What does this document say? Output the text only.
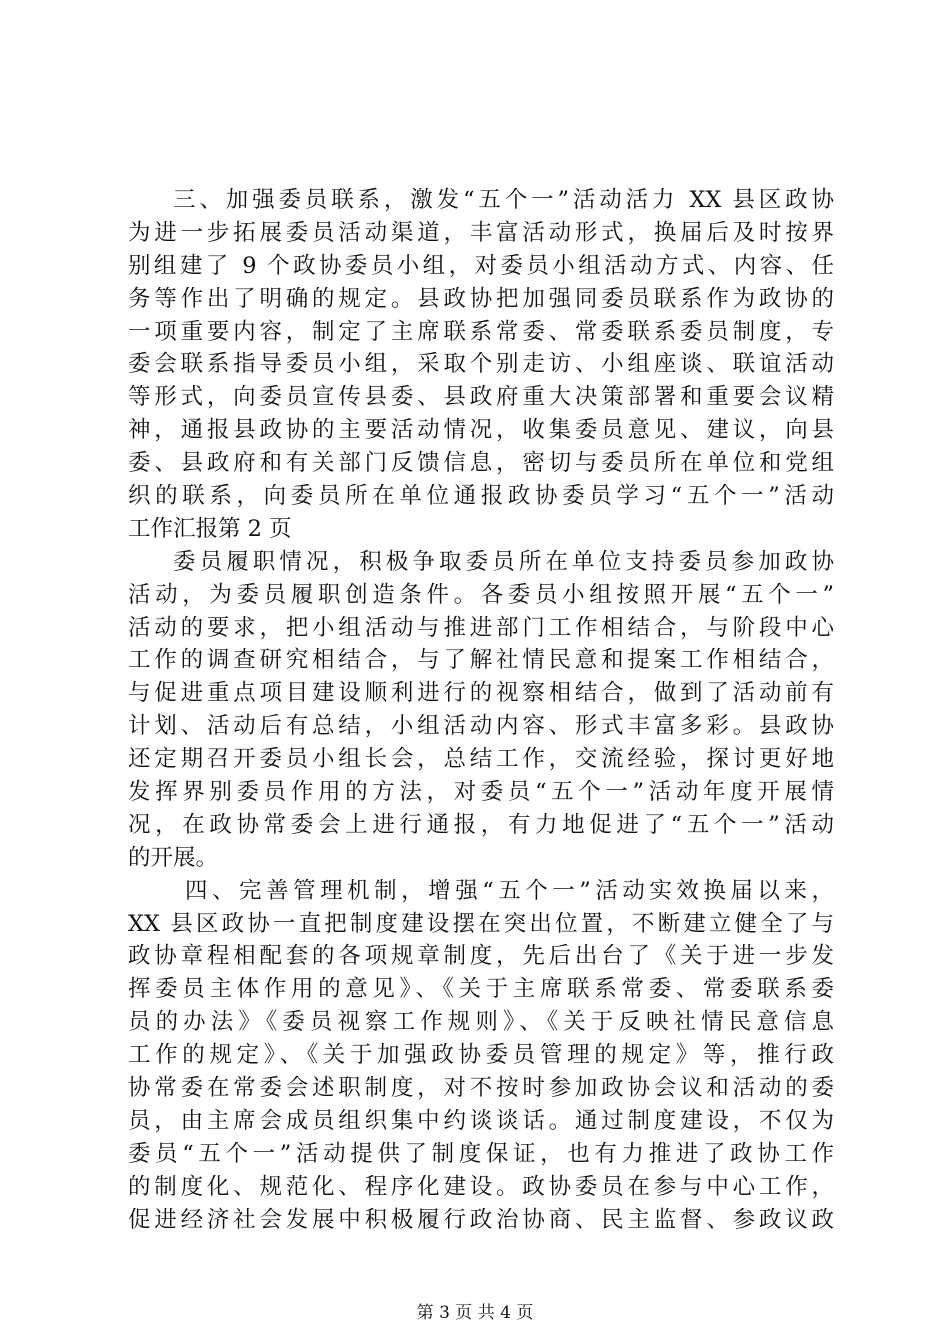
三、加强委员联系，激发“五个一”活动活力 XX 县区政协
为进一步拓展委员活动渠道，丰富活动形式，换届后及时按界
别组建了 9 个政协委员小组，对委员小组活动方式、内容、任
务等作出了明确的规定。县政协把加强同委员联系作为政协的
一项重要内容，制定了主席联系常委、常委联系委员制度，专
委会联系指导委员小组，采取个别走访、小组座谈、联谊活动
等形式，向委员宣传县委、县政府重大决策部署和重要会议精
神，通报县政协的主要活动情况，收集委员意见、建议，向县
委、县政府和有关部门反馈信息，密切与委员所在单位和党组
织的联系，向委员所在单位通报政协委员学习“五个一”活动
工作汇报第 2 页
委员履职情况，积极争取委员所在单位支持委员参加政协
活动，为委员履职创造条件。各委员小组按照开展“五个一”
活动的要求，把小组活动与推进部门工作相结合，与阶段中心
工作的调查研究相结合，与了解社情民意和提案工作相结合，
与促进重点项目建设顺利进行的视察相结合，做到了活动前有
计划、活动后有总结，小组活动内容、形式丰富多彩。县政协
还定期召开委员小组长会，总结工作，交流经验，探讨更好地
发挥界别委员作用的方法，对委员“五个一”活动年度开展情
况，在政协常委会上进行通报，有力地促进了“五个一”活动
的开展。
四、完善管理机制，增强“五个一”活动实效换届以来，
XX 县区政协一直把制度建设摆在突出位置，不断建立健全了与
政协章程相配套的各项规章制度，先后出台了《关于进一步发
挥委员主体作用的意见》、《关于主席联系常委、常委联系委
员的办法》《委员视察工作规则》、《关于反映社情民意信息
工作的规定》、《关于加强政协委员管理的规定》等，推行政
协常委在常委会述职制度，对不按时参加政协会议和活动的委
员，由主席会成员组织集中约谈谈话。通过制度建设，不仅为
委员“五个一”活动提供了制度保证，也有力推进了政协工作
的制度化、规范化、程序化建设。政协委员在参与中心工作，
促进经济社会发展中积极履行政治协商、民主监督、参政议政
第 3 页 共 4 页
